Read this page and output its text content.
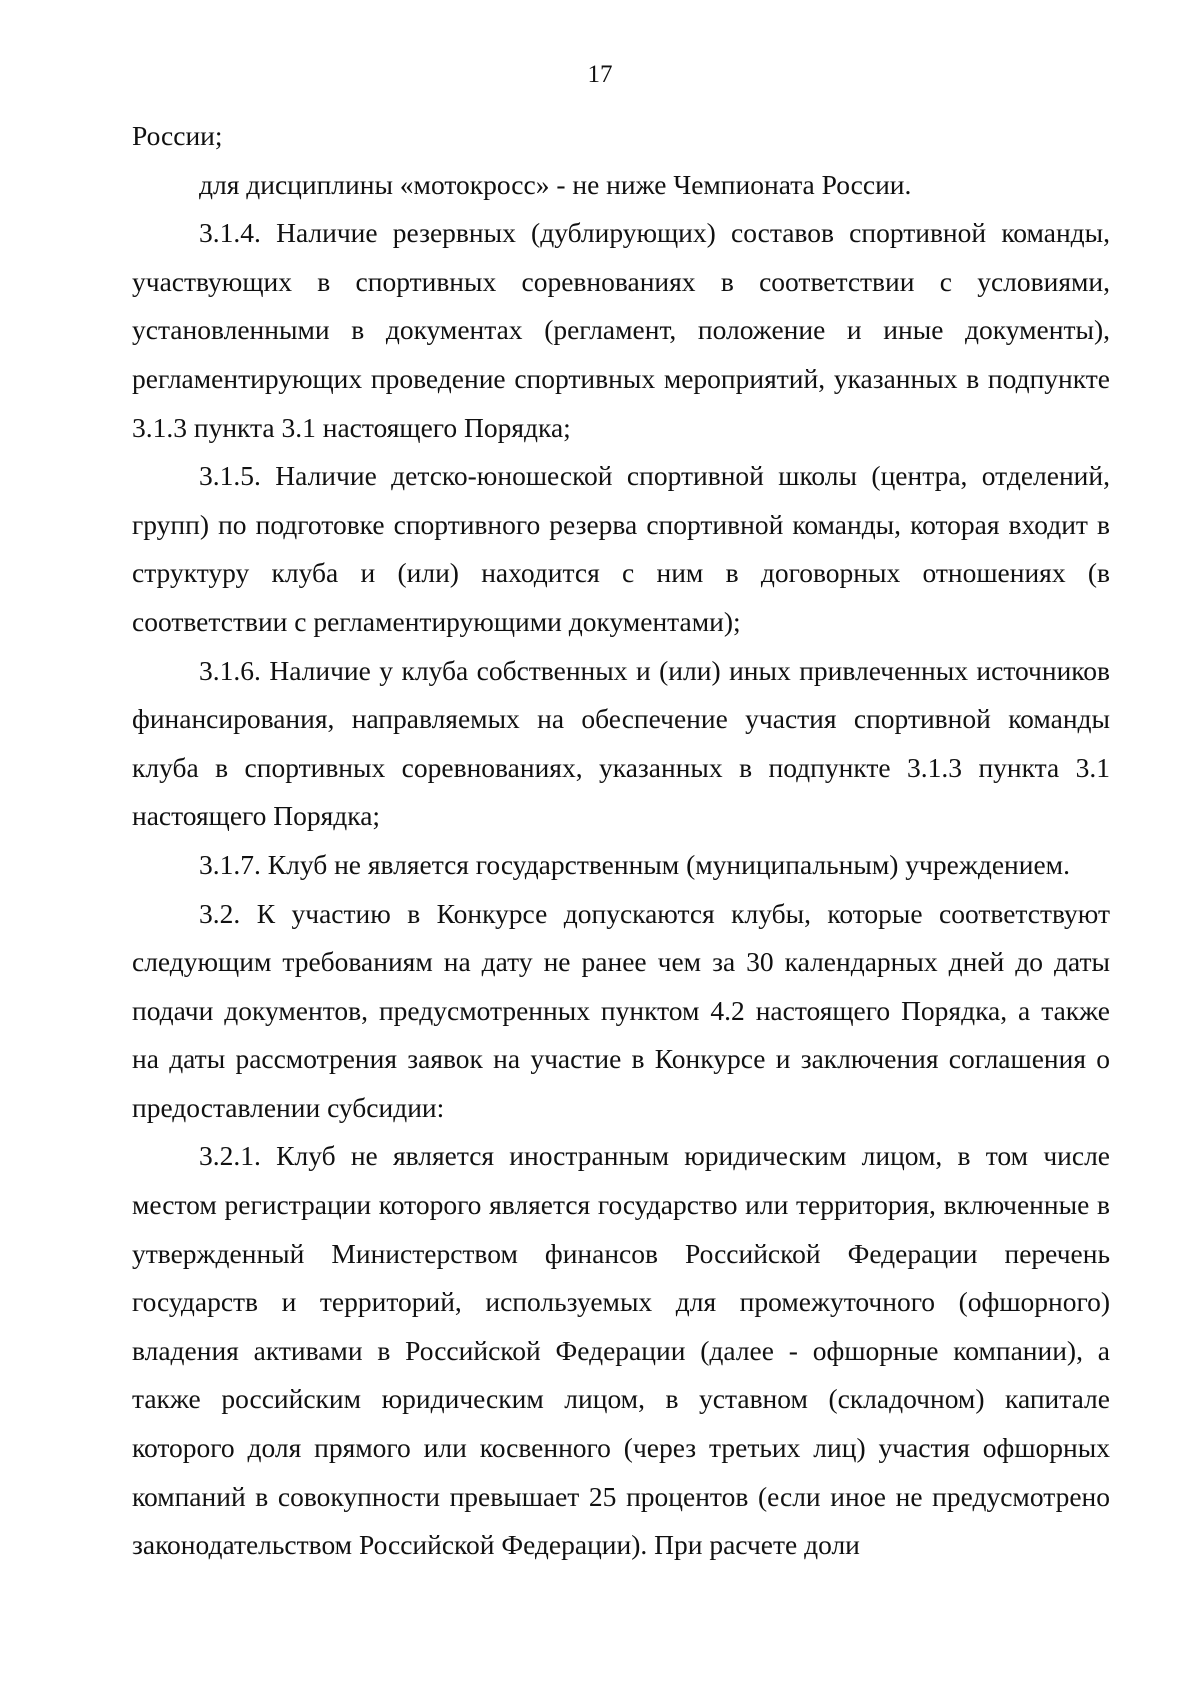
17

России;

для дисциплины «мотокросс» - не ниже Чемпионата России.

3.1.4. Наличие резервных (дублирующих) составов спортивной команды, участвующих в спортивных соревнованиях в соответствии с условиями, установленными в документах (регламент, положение и иные документы), регламентирующих проведение спортивных мероприятий, указанных в подпункте 3.1.3 пункта 3.1 настоящего Порядка;

3.1.5. Наличие детско-юношеской спортивной школы (центра, отделений, групп) по подготовке спортивного резерва спортивной команды, которая входит в структуру клуба и (или) находится с ним в договорных отношениях (в соответствии с регламентирующими документами);

3.1.6. Наличие у клуба собственных и (или) иных привлеченных источников финансирования, направляемых на обеспечение участия спортивной команды клуба в спортивных соревнованиях, указанных в подпункте 3.1.3 пункта 3.1 настоящего Порядка;

3.1.7. Клуб не является государственным (муниципальным) учреждением.

3.2. К участию в Конкурсе допускаются клубы, которые соответствуют следующим требованиям на дату не ранее чем за 30 календарных дней до даты подачи документов, предусмотренных пунктом 4.2 настоящего Порядка, а также на даты рассмотрения заявок на участие в Конкурсе и заключения соглашения о предоставлении субсидии:

3.2.1. Клуб не является иностранным юридическим лицом, в том числе местом регистрации которого является государство или территория, включенные в утвержденный Министерством финансов Российской Федерации перечень государств и территорий, используемых для промежуточного (офшорного) владения активами в Российской Федерации (далее - офшорные компании), а также российским юридическим лицом, в уставном (складочном) капитале которого доля прямого или косвенного (через третьих лиц) участия офшорных компаний в совокупности превышает 25 процентов (если иное не предусмотрено законодательством Российской Федерации). При расчете доли
